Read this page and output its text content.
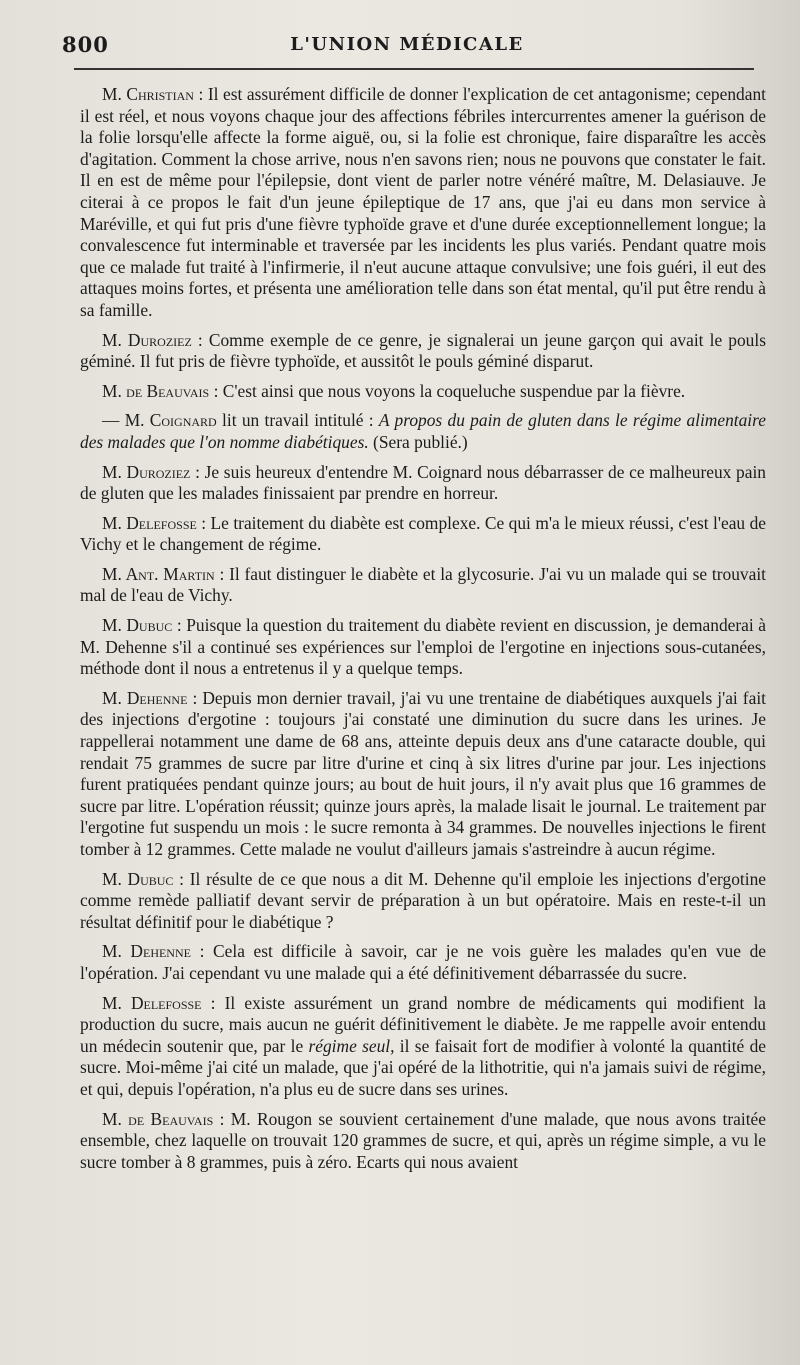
800	L'UNION MÉDICALE

M. Christian : Il est assurément difficile de donner l'explication de cet antagonisme; cependant il est réel, et nous voyons chaque jour des affections fébriles intercurrentes amener la guérison de la folie lorsqu'elle affecte la forme aiguë, ou, si la folie est chronique, faire disparaître les accès d'agitation. Comment la chose arrive, nous n'en savons rien; nous ne pouvons que constater le fait. Il en est de même pour l'épilepsie, dont vient de parler notre vénéré maître, M. Delasiauve. Je citerai à ce propos le fait d'un jeune épileptique de 17 ans, que j'ai eu dans mon service à Maréville, et qui fut pris d'une fièvre typhoïde grave et d'une durée exceptionnellement longue; la convalescence fut interminable et traversée par les incidents les plus variés. Pendant quatre mois que ce malade fut traité à l'infirmerie, il n'eut aucune attaque convulsive; une fois guéri, il eut des attaques moins fortes, et présenta une amélioration telle dans son état mental, qu'il put être rendu à sa famille.

M. Duroziez : Comme exemple de ce genre, je signalerai un jeune garçon qui avait le pouls géminé. Il fut pris de fièvre typhoïde, et aussitôt le pouls géminé disparut.

M. de Beauvais : C'est ainsi que nous voyons la coqueluche suspendue par la fièvre.

— M. Coignard lit un travail intitulé : A propos du pain de gluten dans le régime alimentaire des malades que l'on nomme diabétiques. (Sera publié.)

M. Duroziez : Je suis heureux d'entendre M. Coignard nous débarrasser de ce malheureux pain de gluten que les malades finissaient par prendre en horreur.

M. Delefosse : Le traitement du diabète est complexe. Ce qui m'a le mieux réussi, c'est l'eau de Vichy et le changement de régime.

M. Ant. Martin : Il faut distinguer le diabète et la glycosurie. J'ai vu un malade qui se trouvait mal de l'eau de Vichy.

M. Dubuc : Puisque la question du traitement du diabète revient en discussion, je demanderai à M. Dehenne s'il a continué ses expériences sur l'emploi de l'ergotine en injections sous-cutanées, méthode dont il nous a entretenus il y a quelque temps.

M. Dehenne : Depuis mon dernier travail, j'ai vu une trentaine de diabétiques auxquels j'ai fait des injections d'ergotine : toujours j'ai constaté une diminution du sucre dans les urines. Je rappellerai notamment une dame de 68 ans, atteinte depuis deux ans d'une cataracte double, qui rendait 75 grammes de sucre par litre d'urine et cinq à six litres d'urine par jour. Les injections furent pratiquées pendant quinze jours; au bout de huit jours, il n'y avait plus que 16 grammes de sucre par litre. L'opération réussit; quinze jours après, la malade lisait le journal. Le traitement par l'ergotine fut suspendu un mois : le sucre remonta à 34 grammes. De nouvelles injections le firent tomber à 12 grammes. Cette malade ne voulut d'ailleurs jamais s'astreindre à aucun régime.

M. Dubuc : Il résulte de ce que nous a dit M. Dehenne qu'il emploie les injections d'ergotine comme remède palliatif devant servir de préparation à un but opératoire. Mais en reste-t-il un résultat définitif pour le diabétique ?

M. Dehenne : Cela est difficile à savoir, car je ne vois guère les malades qu'en vue de l'opération. J'ai cependant vu une malade qui a été définitivement débarrassée du sucre.

M. Delefosse : Il existe assurément un grand nombre de médicaments qui modifient la production du sucre, mais aucun ne guérit définitivement le diabète. Je me rappelle avoir entendu un médecin soutenir que, par le régime seul, il se faisait fort de modifier à volonté la quantité de sucre. Moi-même j'ai cité un malade, que j'ai opéré de la lithotritie, qui n'a jamais suivi de régime, et qui, depuis l'opération, n'a plus eu de sucre dans ses urines.

M. de Beauvais : M. Rougon se souvient certainement d'une malade, que nous avons traitée ensemble, chez laquelle on trouvait 120 grammes de sucre, et qui, après un régime simple, a vu le sucre tomber à 8 grammes, puis à zéro. Ecarts qui nous avaient
